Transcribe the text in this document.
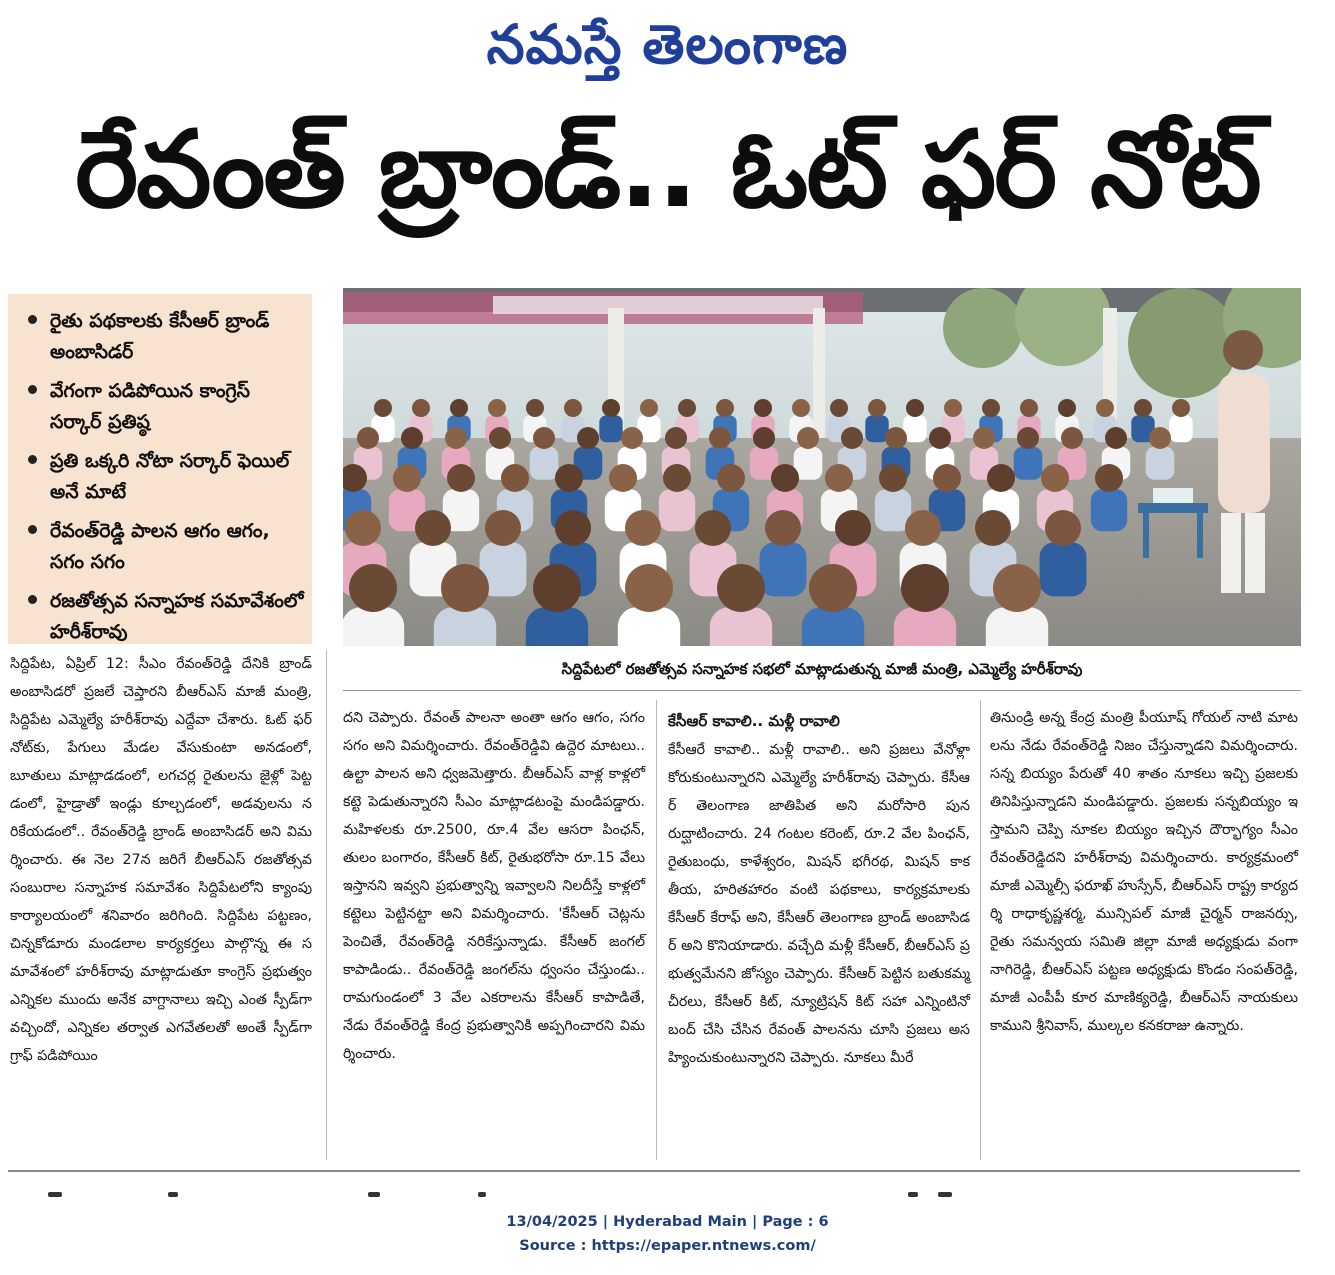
నమస్తే తెలంగాణ
రేవంత్ బ్రాండ్.. ఓట్ ఫర్ నోట్
రైతు పథకాలకు కేసీఆర్ బ్రాండ్ అంబాసిడర్
వేగంగా పడిపోయిన కాంగ్రెస్ సర్కార్ ప్రతిష్ఠ
ప్రతి ఒక్కరి నోటా సర్కార్ ఫెయిల్ అనే మాటే
రేవంత్‌రెడ్డి పాలన ఆగం ఆగం, సగం సగం
రజతోత్సవ సన్నాహక సమావేశంలో హరీశ్‌రావు
సిద్దిపేటలో రజతోత్సవ సన్నాహక సభలో మాట్లాడుతున్న మాజీ మంత్రి, ఎమ్మెల్యే హరీశ్‌రావు
సిద్దిపేట, ఏప్రిల్ 12: సీఎం రేవంత్‌రెడ్డి దేనికి బ్రాండ్ అంబాసిడరో ప్రజలే చెప్తారని బీఆర్‌ఎస్ మాజీ మంత్రి, సిద్దిపేట ఎమ్మెల్యే హరీశ్‌రావు ఎద్దేవా చేశారు. ఓట్ ఫర్ నోట్‌కు, పేగులు మేడల వేసుకుంటా అనడంలో, బూతులు మాట్లాడడంలో, లగచర్ల రైతులను జైళ్లో పెట్టడంలో, హైడ్రాతో ఇండ్లు కూల్చడంలో, అడవులను నరికేయడంలో.. రేవంత్‌రెడ్డి బ్రాండ్ అంబాసిడర్ అని విమర్శించారు. ఈ నెల 27న జరిగే బీఆర్‌ఎస్ రజతోత్సవ సంబురాల సన్నాహక సమావేశం సిద్దిపేటలోని క్యాంపు కార్యాలయంలో శనివారం జరిగింది. సిద్దిపేట పట్టణం, చిన్నకోడూరు మండలాల కార్యకర్తలు పాల్గొన్న ఈ సమావేశంలో హరీశ్‌రావు మాట్లాడుతూ కాంగ్రెస్ ప్రభుత్వం ఎన్నికల ముందు అనేక వాగ్దానాలు ఇచ్చి ఎంత స్పీడ్‌గా వచ్చిందో, ఎన్నికల తర్వాత ఎగవేతలతో అంతే స్పీడ్‌గా గ్రాఫ్ పడిపోయిం
దని చెప్పారు. రేవంత్ పాలనా అంతా ఆగం ఆగం, సగం సగం అని విమర్శించారు. రేవంత్‌రెడ్డివి ఉద్దెర మాటలు.. ఉల్టా పాలన అని ధ్వజమెత్తారు. బీఆర్‌ఎస్ వాళ్ల కాళ్లలో కట్టె పెడుతున్నారని సీఎం మాట్లాడటంపై మండిపడ్డారు. మహిళలకు రూ.2500, రూ.4 వేల ఆసరా పింఛన్, తులం బంగారం, కేసీఆర్ కిట్, రైతుభరోసా రూ.15 వేలు ఇస్తానని ఇవ్వని ప్రభుత్వాన్ని ఇవ్వాలని నిలదీస్తే కాళ్లలో కట్టెలు పెట్టినట్టా అని విమర్శించారు. 'కేసీఆర్ చెట్లను పెంచితే, రేవంత్‌రెడ్డి నరికేస్తున్నాడు. కేసీఆర్ జంగల్ కాపాడిండు.. రేవంత్‌రెడ్డి జంగల్‌ను ధ్వంసం చేస్తుండు.. రామగుండంలో 3 వేల ఎకరాలను కేసీఆర్ కాపాడితే, నేడు రేవంత్‌రెడ్డి కేంద్ర ప్రభుత్వానికి అప్పగించారని విమర్శించారు.
కేసీఆర్ కావాలి.. మళ్లీ రావాలి
కేసీఆరే కావాలి.. మళ్లీ రావాలి.. అని ప్రజలు వేనోళ్లా కోరుకుంటున్నారని ఎమ్మెల్యే హరీశ్‌రావు చెప్పారు. కేసీఆర్ తెలంగాణ జాతిపిత అని మరోసారి పునరుద్ఘాటించారు. 24 గంటల కరెంట్, రూ.2 వేల పింఛన్, రైతుబంధు, కాళేశ్వరం, మిషన్ భగీరథ, మిషన్ కాకతీయ, హరితహారం వంటి పథకాలు, కార్యక్రమాలకు కేసీఆర్ కేరాఫ్ అని, కేసీఆర్ తెలంగాణ బ్రాండ్ అంబాసిడర్ అని కొనియాడారు. వచ్చేది మళ్లీ కేసీఆర్, బీఆర్‌ఎస్ ప్రభుత్వమేనని జోస్యం చెప్పారు. కేసీఆర్ పెట్టిన బతుకమ్మ చీరలు, కేసీఆర్ కిట్, న్యూట్రిషన్ కిట్ సహా ఎన్నింటినో బంద్ చేసి చేసిన రేవంత్ పాలనను చూసి ప్రజలు అసహ్యించుకుంటున్నారని చెప్పారు. నూకలు మీరే
తినుండ్రి అన్న కేంద్ర మంత్రి పీయూష్ గోయల్ నాటి మాటలను నేడు రేవంత్‌రెడ్డి నిజం చేస్తున్నాడని విమర్శించారు. సన్న బియ్యం పేరుతో 40 శాతం నూకలు ఇచ్చి ప్రజలకు తినిపిస్తున్నాడని మండిపడ్డారు. ప్రజలకు సన్నబియ్యం ఇస్తామని చెప్పి నూకల బియ్యం ఇచ్చిన దౌర్భాగ్యం సీఎం రేవంత్‌రెడ్డిదని హరీశ్‌రావు విమర్శించారు. కార్యక్రమంలో మాజీ ఎమ్మెల్సీ ఫరూఖ్ హుస్సేన్, బీఆర్‌ఎస్ రాష్ట్ర కార్యదర్శి రాధాకృష్ణశర్మ, మున్సిపల్ మాజీ చైర్మన్ రాజనర్సు, రైతు సమన్వయ సమితి జిల్లా మాజీ అధ్యక్షుడు వంగా నాగిరెడ్డి, బీఆర్‌ఎస్ పట్టణ అధ్యక్షుడు కొండం సంపత్‌రెడ్డి, మాజీ ఎంపీపీ కూర మాణిక్యరెడ్డి, బీఆర్‌ఎస్ నాయకులు కాముని శ్రీనివాస్, ముల్కల కనకరాజు ఉన్నారు.
13/04/2025 | Hyderabad Main | Page : 6
Source : https://epaper.ntnews.com/
